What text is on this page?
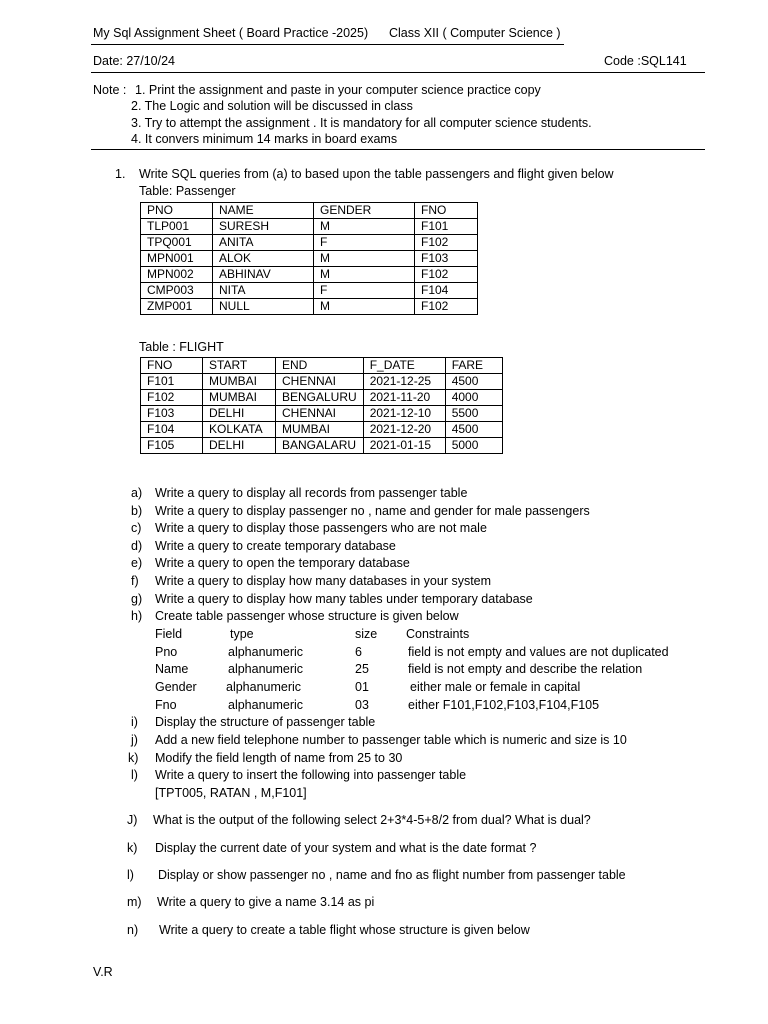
My Sql Assignment Sheet ( Board Practice -2025) Class XII ( Computer Science )
Date: 27/10/24	Code :SQL141
Note : 1. Print the assignment and paste in your computer science practice copy
2. The Logic and solution will be discussed in class
3. Try to attempt the assignment . It is mandatory for all computer science students.
4. It convers minimum 14 marks in board exams
1. Write SQL queries from (a) to based upon the table passengers and flight given below
Table: Passenger
PNO	NAME	GENDER	FNO
TLP001	SURESH	M	F101
TPQ001	ANITA	F	F102
MPN001	ALOK	M	F103
MPN002	ABHINAV	M	F102
CMP003	NITA	F	F104
ZMP001	NULL	M	F102
Table : FLIGHT
FNO	START	END	F_DATE	FARE
F101	MUMBAI	CHENNAI	2021-12-25	4500
F102	MUMBAI	BENGALURU	2021-11-20	4000
F103	DELHI	CHENNAI	2021-12-10	5500
F104	KOLKATA	MUMBAI	2021-12-20	4500
F105	DELHI	BANGALARU	2021-01-15	5000
a) Write a query to display all records from passenger table
b) Write a query to display passenger no , name and gender for male passengers
c) Write a query to display those passengers who are not male
d) Write a query to create temporary database
e) Write a query to open the temporary database
f) Write a query to display how many databases in your system
g) Write a query to display how many tables under temporary database
h) Create table passenger whose structure is given below
Field	type	size Constraints
Pno	alphanumeric	6	field is not empty and values are not duplicated
Name	alphanumeric	25	field is not empty and describe the relation
Gender alphanumeric	01	either male or female in capital
Fno	alphanumeric	03	either F101,F102,F103,F104,F105
i) Display the structure of passenger table
j) Add a new field telephone number to passenger table which is numeric and size is 10
k) Modify the field length of name from 25 to 30
l) Write a query to insert the following into passenger table
[TPT005, RATAN , M,F101]
J) What is the output of the following select 2+3*4-5+8/2 from dual? What is dual?
k) Display the current date of your system and what is the date format ?
l) Display or show passenger no , name and fno as flight number from passenger table
m) Write a query to give a name 3.14 as pi
n) Write a query to create a table flight whose structure is given below
V.R
